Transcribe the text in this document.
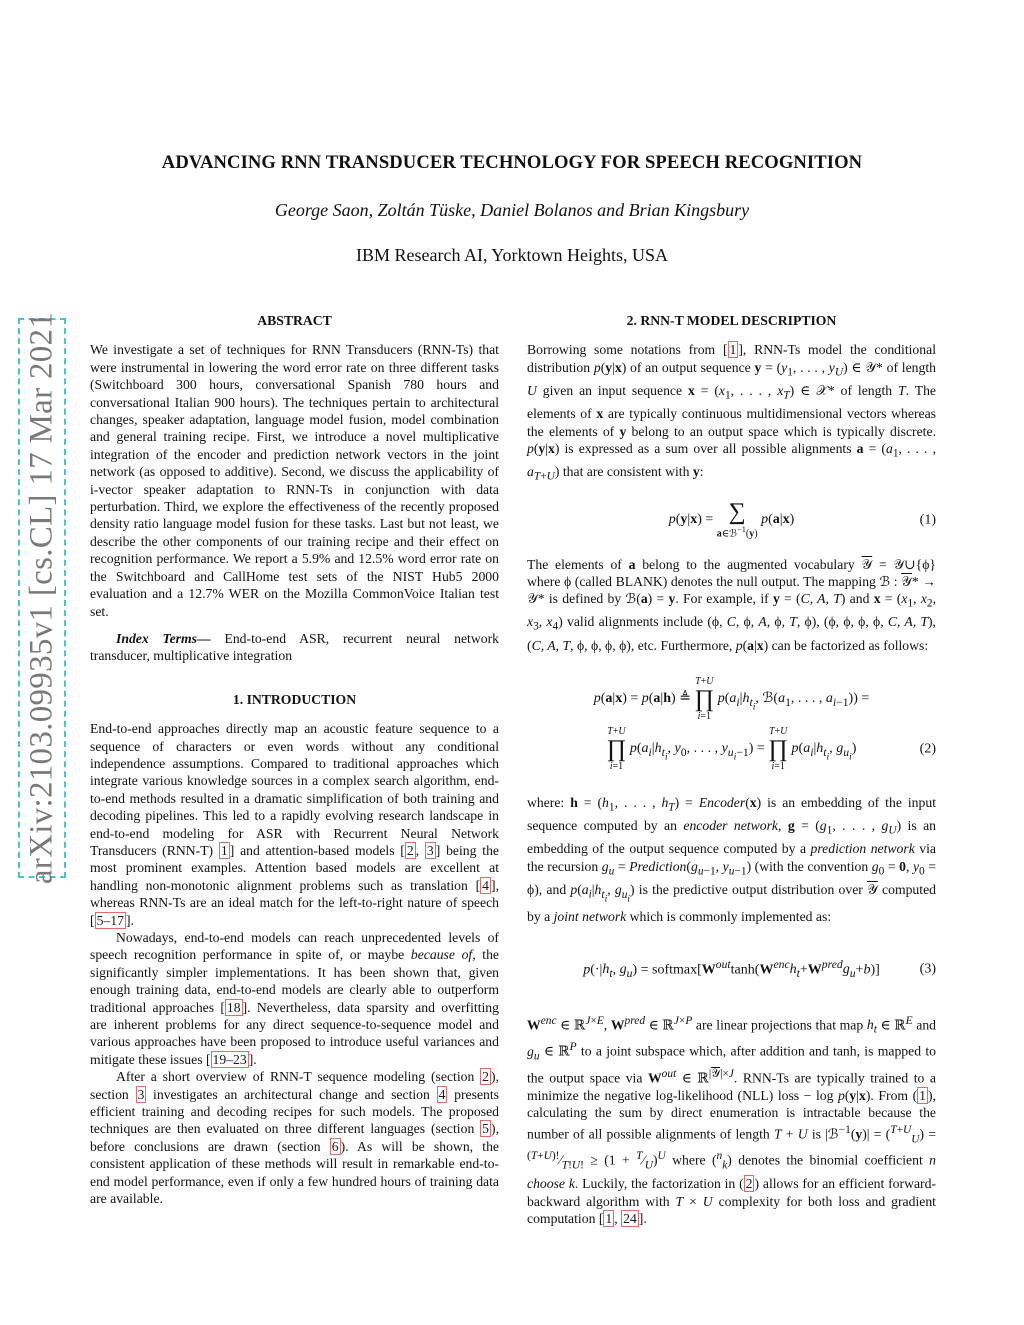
arXiv:2103.09935v1 [cs.CL] 17 Mar 2021
ADVANCING RNN TRANSDUCER TECHNOLOGY FOR SPEECH RECOGNITION
George Saon, Zoltán Tüske, Daniel Bolanos and Brian Kingsbury
IBM Research AI, Yorktown Heights, USA
ABSTRACT

We investigate a set of techniques for RNN Transducers (RNN-Ts) that were instrumental in lowering the word error rate on three different tasks (Switchboard 300 hours, conversational Spanish 780 hours and conversational Italian 900 hours). The techniques pertain to architectural changes, speaker adaptation, language model fusion, model combination and general training recipe. First, we introduce a novel multiplicative integration of the encoder and prediction network vectors in the joint network (as opposed to additive). Second, we discuss the applicability of i-vector speaker adaptation to RNN-Ts in conjunction with data perturbation. Third, we explore the effectiveness of the recently proposed density ratio language model fusion for these tasks. Last but not least, we describe the other components of our training recipe and their effect on recognition performance. We report a 5.9% and 12.5% word error rate on the Switchboard and CallHome test sets of the NIST Hub5 2000 evaluation and a 12.7% WER on the Mozilla CommonVoice Italian test set.

Index Terms— End-to-end ASR, recurrent neural network transducer, multiplicative integration

1. INTRODUCTION

End-to-end approaches directly map an acoustic feature sequence to a sequence of characters or even words without any conditional independence assumptions. Compared to traditional approaches which integrate various knowledge sources in a complex search algorithm, end-to-end methods resulted in a dramatic simplification of both training and decoding pipelines. This led to a rapidly evolving research landscape in end-to-end modeling for ASR with Recurrent Neural Network Transducers (RNN-T) 1 ] and attention-based models [ 2 , 3 ] being the most prominent examples. Attention based models are excellent at handling non-monotonic alignment problems such as translation [ 4 ], whereas RNN-Ts are an ideal match for the left-to-right nature of speech [ 5–17 ].

Nowadays, end-to-end models can reach unprecedented levels of speech recognition performance in spite of, or maybe because of, the significantly simpler implementations. It has been shown that, given enough training data, end-to-end models are clearly able to outperform traditional approaches [ 18 ]. Nevertheless, data sparsity and overfitting are inherent problems for any direct sequence-to-sequence model and various approaches have been proposed to introduce useful variances and mitigate these issues [ 19–23 ].

After a short overview of RNN-T sequence modeling (section 2 ), section 3 investigates an architectural change and section 4 presents efficient training and decoding recipes for such models. The proposed techniques are then evaluated on three different languages (section 5 ), before conclusions are drawn (section 6 ). As will be shown, the consistent application of these methods will result in remarkable end-to-end model performance, even if only a few hundred hours of training data are available.

2. RNN-T MODEL DESCRIPTION

Borrowing some notations from [ 1 ], RNN-Ts model the conditional distribution p(y|x) of an output sequence $y = (y_1$, . . . , $y_U$) ∈ 𝒴* of length U given an input sequence $x = (x_1$, . . . , $x_T$) ∈ 𝒳* of length T. The elements of x are typically continuous multidimensional vectors whereas the elements of y belong to an output space which is typically discrete. p(y|x) is expressed as a sum over all possible alignments $a = (a_1$, . . . , $a_{T+U}$) that are consistent with y:

p(y|x) = ∑
a∈ℬ$^{-1}$(y)
p(a|x)	(1)

The elements of a belong to the augmented vocabulary 𝒴 = 𝒴∪{ϕ} where ϕ (called BLANK) denotes the null output. The mapping ℬ : 𝒴* → 𝒴* is defined by ℬ(a) = y. For example, if y = (C, A, T) and $x = (x_1$, $x_2$, $x_3$, $x_4$) valid alignments include (ϕ, C, ϕ, A, ϕ, T, ϕ), (ϕ, ϕ, ϕ, ϕ, C, A, T), (C, A, T, ϕ, ϕ, ϕ, ϕ), etc. Furthermore, p(a|x) can be factorized as follows:

p(a|x) = p(a|h) ≜
T+U
∏
i=1
$p(a_i|h_{t_i}$, $ℬ(a_1$, . . . , $a_{i-1}$)) =
T+U
∏
i=1
$p(a_i|h_{t_i}$, $y_0$, . . . , $y_{u_i-1}$) =
T+U
∏
i=1
$p(a_i|h_{t_i}$, $g_{u_i}$)	(2)

where: $h = (h_1$, . . . , $h_T$) = Encoder(x) is an embedding of the input sequence computed by an encoder network, $g = (g_1$, . . . , $g_U$) is an embedding of the output sequence computed by a prediction network via the recursion $g_u$ = $Prediction(g_{u-1}$, $y_{u-1}$) (with the convention $g_0 = 0$, $y_0 = \phi$), and $p(a_i|h_{t_i}$, $g_{u_i}$) is the predictive output distribution over 𝒴 computed by a joint network which is commonly implemented as:

$p(\cdot|h_t$, $g_u$) = $softmax[W^{out}\tanh(W^{enc}h_t+W^{pred}g_u+b)]$	(3)

$W^{enc}$ ∈ ℝ$^{J\times E}$, $W^{pred}$ ∈ ℝ$^{J\times P}$ are linear projections that map $h_t$ ∈ ℝ$^E$ and $g_u$ ∈ ℝ$^P$ to a joint subspace which, after addition and tanh, is mapped to the output space via $W^{out}$ ∈ ℝ$^{|𝒴|\times J}$. RNN-Ts are typically trained to a minimize the negative log-likelihood (NLL) loss − log p(y|x). From ( 1 ), calculating the sum by direct enumeration is intractable because the number of all possible alignments of length T + U is |ℬ$^{-1}$(y)| = $(^{T+U}_U) = ^{(T+U)!}⁄_{T!U!} \ge (1$ + $^T⁄_U)^U$ where ($^n_k$) denotes the binomial coefficient n choose k. Luckily, the factorization in ( 2 ) allows for an efficient forward-backward algorithm with T × U complexity for both loss and gradient computation [ 1 , 24 ].
